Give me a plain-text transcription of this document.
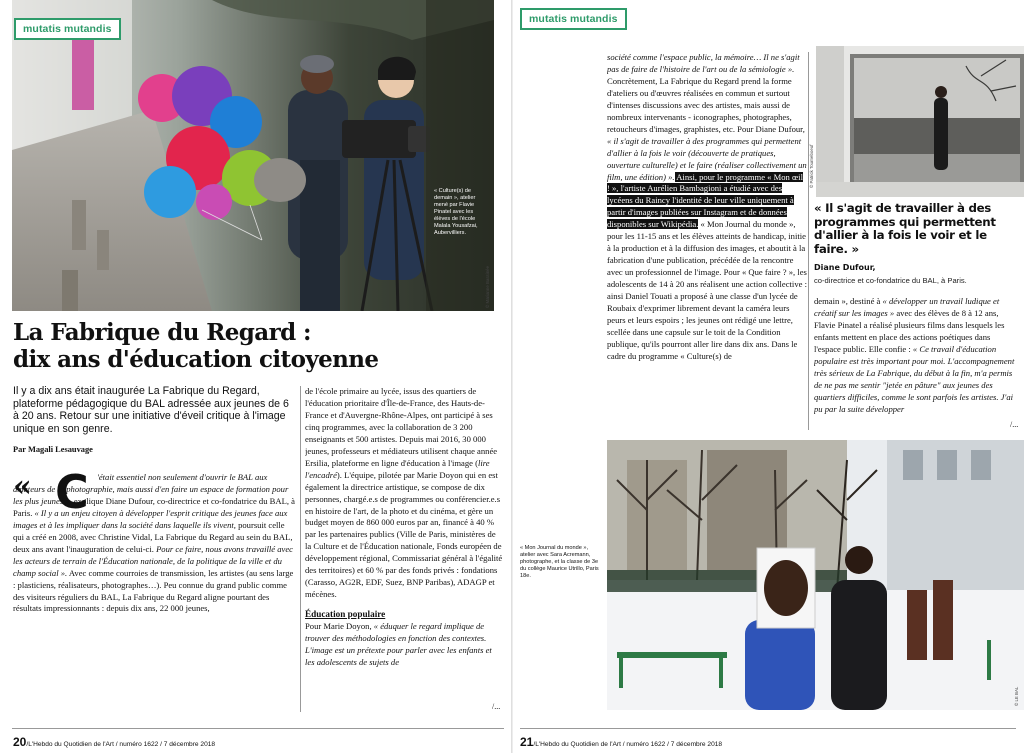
« Culture(s) de demain », atelier mené par Flavie Pinatel avec les élèves de l'école Malala Yousafzai, Aubervilliers.
© Marianne Bassinée
mutatis mutandis
La Fabrique du Regard :
dix ans d'éducation citoyenne

Il y a dix ans était inaugurée La Fabrique du Regard, plateforme pédagogique du BAL adressée aux jeunes de 6 à 20 ans. Retour sur une initiative d'éveil critique à l'image unique en son genre.

Par Magali Lesauvage
« C 'était essentiel non seulement d'ouvrir le BAL aux amateurs de la photographie, mais aussi d'en faire un espace de formation pour les plus jeunes », explique Diane Dufour, co-directrice et co-fondatrice du BAL, à Paris. « Il y a un enjeu citoyen à développer l'esprit critique des jeunes face aux images et à les impliquer dans la société dans laquelle ils vivent, poursuit celle qui a créé en 2008, avec Christine Vidal, La Fabrique du Regard au sein du BAL, deux ans avant l'inauguration de celui-ci. Pour ce faire, nous avons travaillé avec les acteurs de terrain de l'Éducation nationale, de la politique de la ville et du champ social ». Avec comme courroies de transmission, les artistes (au sens large : plasticiens, réalisateurs, photographes…). Peu connue du grand public comme des visiteurs réguliers du BAL, La Fabrique du Regard aligne pourtant des résultats impressionnants : depuis dix ans, 22 000 jeunes,

de l'école primaire au lycée, issus des quartiers de l'éducation prioritaire d'Île-de-France, des Hauts-de-France et d'Auvergne-Rhône-Alpes, ont participé à ses cinq programmes, avec la collaboration de 3 200 enseignants et 500 artistes. Depuis mai 2016, 30 000 jeunes, professeurs et médiateurs utilisent chaque année Ersilia, plateforme en ligne d'éducation à l'image (lire l'encadré). L'équipe, pilotée par Marie Doyon qui en est également la directrice artistique, se compose de dix personnes, chargé.e.s de programmes ou conférencier.e.s en histoire de l'art, de la photo et du cinéma, et gère un budget moyen de 860 000 euros par an, financé à 40 % par les partenaires publics (Ville de Paris, ministères de la Culture et de l'Éducation nationale, Fonds européen de développement régional, Commissariat général à l'égalité des territoires) et 60 % par des fonds privés : fondations (Carasso, AG2R, EDF, Suez, BNP Paribas), ADAGP et mécènes.

Éducation populaire

Pour Marie Doyon, « éduquer le regard implique de trouver des méthodologies en fonction des contextes. L'image est un prétexte pour parler avec les enfants et les adolescents de sujets de

/...
20/L'Hebdo du Quotidien de l'Art / numéro 1622 / 7 décembre 2018
mutatis mutandis

société comme l'espace public, la mémoire… Il ne s'agit pas de faire de l'histoire de l'art ou de la sémiologie ». Concrètement, La Fabrique du Regard prend la forme d'ateliers ou d'œuvres réalisées en commun et surtout d'intenses discussions avec des artistes, mais aussi de nombreux intervenants - iconographes, photographes, retoucheurs d'images, graphistes, etc. Pour Diane Dufour, « il s'agit de travailler à des programmes qui permettent d'allier à la fois le voir (découverte de pratiques, ouverture culturelle) et le faire (réaliser collectivement un film, une édition) ». Ainsi, pour le programme « Mon œil ! », l'artiste Aurélien Bambagioni a étudié avec des lycéens du Raincy l'identité de leur ville uniquement à partir d'images publiées sur Instagram et de données disponibles sur Wikipédia. « Mon Journal du monde », pour les 11-15 ans et les élèves atteints de handicap, initie à la production et à la diffusion des images, et aboutit à la fabrication d'une publication, précédée de la rencontre avec un professionnel de l'image. Pour « Que faire ? », les adolescents de 14 à 20 ans réalisent une action collective : ainsi Daniel Touati a proposé à une classe d'un lycée de Roubaix d'exprimer librement devant la caméra leurs peurs et leurs espoirs ; les jeunes ont rédigé une lettre, scellée dans une capsule sur le toit de la Condition publique, qu'ils pourront aller lire dans dix ans. Dans le cadre du programme « Culture(s) de

© Patrick Tourneboeuf
« Il s'agit de travailler à des programmes qui permettent d'allier à la fois le voir et le faire. »
Diane Dufour,
co-directrice et co-fondatrice du BAL, à Paris.

demain », destiné à « développer un travail ludique et créatif sur les images » avec des élèves de 8 à 12 ans, Flavie Pinatel a réalisé plusieurs films dans lesquels les enfants mettent en place des actions poétiques dans l'espace public. Elle confie : « Ce travail d'éducation populaire est très important pour moi. L'accompagnement très sérieux de La Fabrique, du début à la fin, m'a permis de ne pas me sentir "jetée en pâture" aux jeunes des quartiers difficiles, comme le sont parfois les artistes. J'ai pu par la suite développer

/...
« Mon Journal du monde », atelier avec Sara Acremann, photographe, et la classe de 3e du collège Maurice Utrillo, Paris 18e.
© LE BAL
21/L'Hebdo du Quotidien de l'Art / numéro 1622 / 7 décembre 2018
